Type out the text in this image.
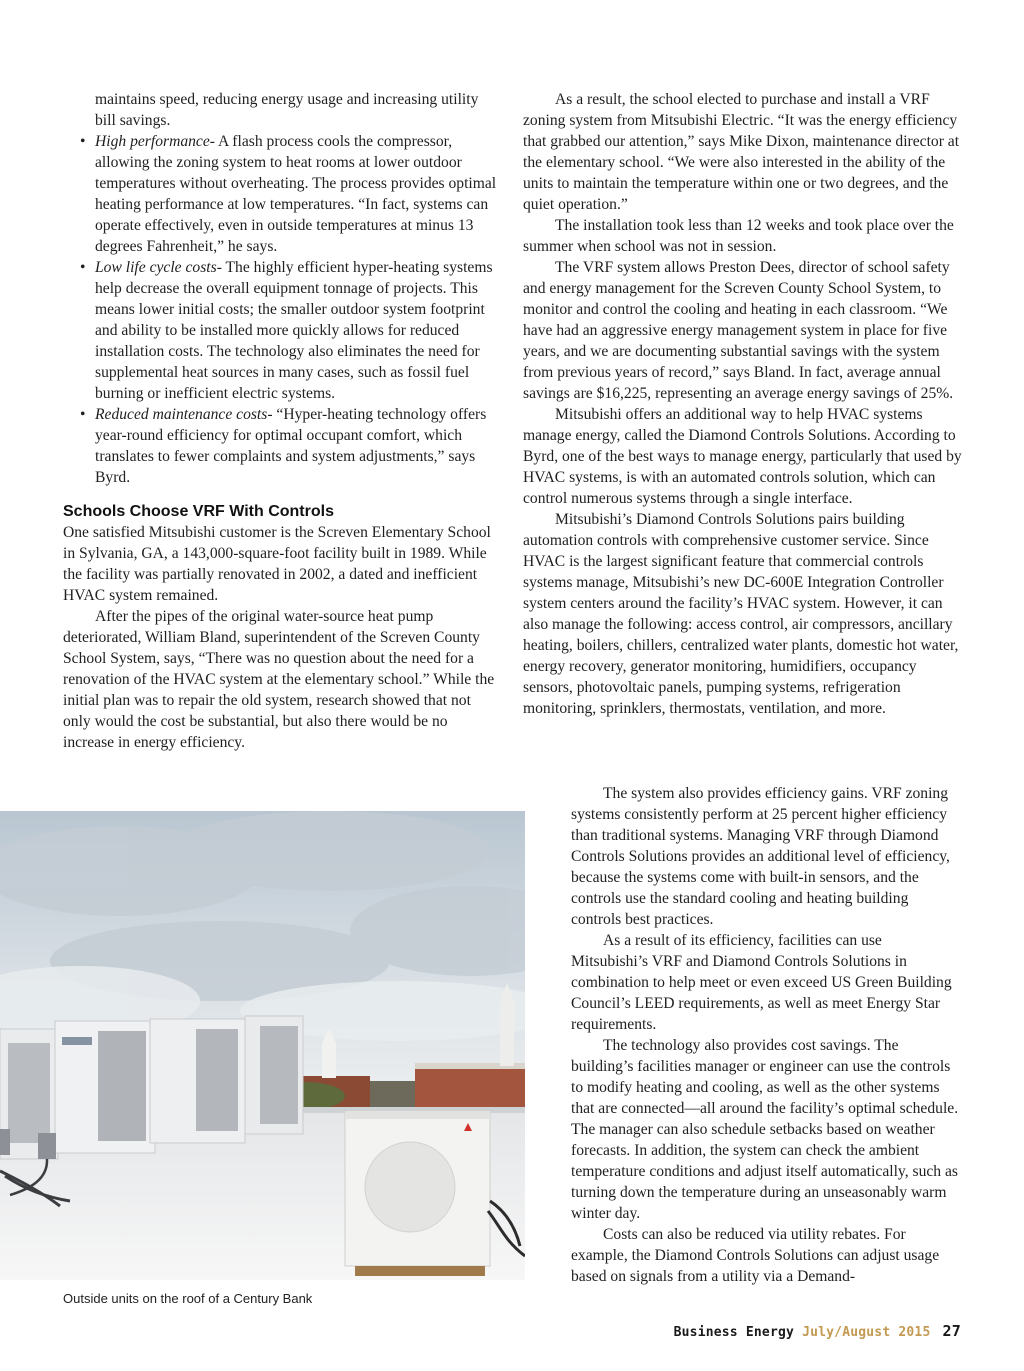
maintains speed, reducing energy usage and increasing utility bill savings.
• High performance- A flash process cools the compressor, allowing the zoning system to heat rooms at lower outdoor temperatures without overheating. The process provides optimal heating performance at low temperatures. “In fact, systems can operate effectively, even in outside temperatures at minus 13 degrees Fahrenheit,” he says.
• Low life cycle costs- The highly efficient hyper-heating systems help decrease the overall equipment tonnage of projects. This means lower initial costs; the smaller outdoor system footprint and ability to be installed more quickly allows for reduced installation costs. The technology also eliminates the need for supplemental heat sources in many cases, such as fossil fuel burning or inefficient electric systems.
• Reduced maintenance costs- “Hyper-heating technology offers year-round efficiency for optimal occupant comfort, which translates to fewer complaints and system adjustments,” says Byrd.
Schools Choose VRF With Controls

One satisfied Mitsubishi customer is the Screven Elementary School in Sylvania, GA, a 143,000-square-foot facility built in 1989. While the facility was partially renovated in 2002, a dated and inefficient HVAC system remained.

After the pipes of the original water-source heat pump deteriorated, William Bland, superintendent of the Screven County School System, says, “There was no question about the need for a renovation of the HVAC system at the elementary school.” While the initial plan was to repair the old system, research showed that not only would the cost be substantial, but also there would be no increase in energy efficiency.

As a result, the school elected to purchase and install a VRF zoning system from Mitsubishi Electric. “It was the energy efficiency that grabbed our attention,” says Mike Dixon, maintenance director at the elementary school. “We were also interested in the ability of the units to maintain the temperature within one or two degrees, and the quiet operation.”

The installation took less than 12 weeks and took place over the summer when school was not in session.

The VRF system allows Preston Dees, director of school safety and energy management for the Screven County School System, to monitor and control the cooling and heating in each classroom. “We have had an aggressive energy management system in place for five years, and we are documenting substantial savings with the system from previous years of record,” says Bland. In fact, average annual savings are $16,225, representing an average energy savings of 25%.

Mitsubishi offers an additional way to help HVAC systems manage energy, called the Diamond Controls Solutions. According to Byrd, one of the best ways to manage energy, particularly that used by HVAC systems, is with an automated controls solution, which can control numerous systems through a single interface.

Mitsubishi’s Diamond Controls Solutions pairs building automation controls with comprehensive customer service. Since HVAC is the largest significant feature that commercial controls systems manage, Mitsubishi’s new DC-600E Integration Controller system centers around the facility’s HVAC system. However, it can also manage the following: access control, air compressors, ancillary heating, boilers, chillers, centralized water plants, domestic hot water, energy recovery, generator monitoring, humidifiers, occupancy sensors, photovoltaic panels, pumping systems, refrigeration monitoring, sprinklers, thermostats, ventilation, and more.

The system also provides efficiency gains. VRF zoning systems consistently perform at 25 percent higher efficiency than traditional systems. Managing VRF through Diamond Controls Solutions provides an additional level of efficiency, because the systems come with built-in sensors, and the controls use the standard cooling and heating building controls best practices.

As a result of its efficiency, facilities can use Mitsubishi’s VRF and Diamond Controls Solutions in combination to help meet or even exceed US Green Building Council’s LEED requirements, as well as meet Energy Star requirements.

The technology also provides cost savings. The building’s facilities manager or engineer can use the controls to modify heating and cooling, as well as the other systems that are connected—all around the facility’s optimal schedule. The manager can also schedule setbacks based on weather forecasts. In addition, the system can check the ambient temperature conditions and adjust itself automatically, such as turning down the temperature during an unseasonably warm winter day.

Costs can also be reduced via utility rebates. For example, the Diamond Controls Solutions can adjust usage based on signals from a utility via a Demand-

Outside units on the roof of a Century Bank
Business Energy July/August 2015 27
